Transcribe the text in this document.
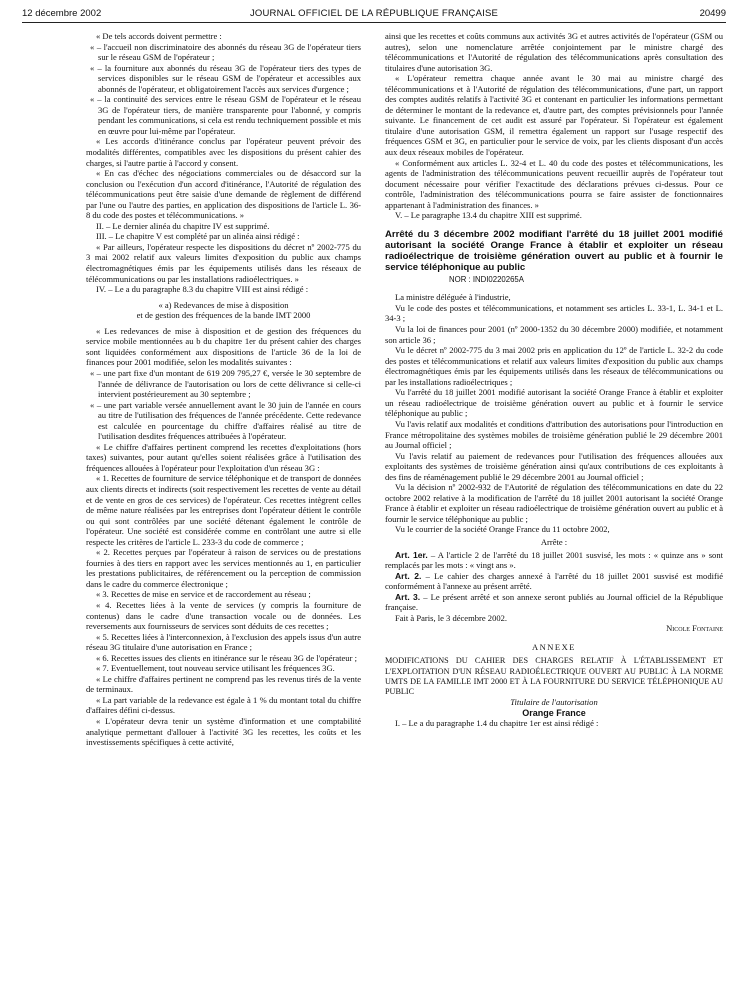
12 décembre 2002	JOURNAL OFFICIEL DE LA RÉPUBLIQUE FRANÇAISE	20499

« De tels accords doivent permettre :

« – l'accueil non discriminatoire des abonnés du réseau 3G de l'opérateur tiers sur le réseau GSM de l'opérateur ;

« – la fourniture aux abonnés du réseau 3G de l'opérateur tiers des types de services disponibles sur le réseau GSM de l'opérateur et accessibles aux abonnés de l'opérateur, et obligatoirement l'accès aux services d'urgence ;

« – la continuité des services entre le réseau GSM de l'opérateur et le réseau 3G de l'opérateur tiers, de manière transparente pour l'abonné, y compris pendant les communications, si cela est rendu techniquement possible et mis en œuvre pour lui-même par l'opérateur.

« Les accords d'itinérance conclus par l'opérateur peuvent prévoir des modalités différentes, compatibles avec les dispositions du présent cahier des charges, si l'autre partie à l'accord y consent.

« En cas d'échec des négociations commerciales ou de désaccord sur la conclusion ou l'exécution d'un accord d'itinérance, l'Autorité de régulation des télécommunications peut être saisie d'une demande de règlement de différend par l'une ou l'autre des parties, en application des dispositions de l'article L. 36-8 du code des postes et télécommunications. »

II. – Le dernier alinéa du chapitre IV est supprimé.

III. – Le chapitre V est complété par un alinéa ainsi rédigé :

« Par ailleurs, l'opérateur respecte les dispositions du décret nº 2002-775 du 3 mai 2002 relatif aux valeurs limites d'exposition du public aux champs électromagnétiques émis par les équipements utilisés dans les réseaux de télécommunications ou par les installations radioélectriques. »

IV. – Le a du paragraphe 8.3 du chapitre VIII est ainsi rédigé :

« a) Redevances de mise à disposition

et de gestion des fréquences de la bande IMT 2000

« Les redevances de mise à disposition et de gestion des fréquences du service mobile mentionnées au b du chapitre 1er du présent cahier des charges sont liquidées conformément aux dispositions de l'article 36 de la loi de finances pour 2001 modifiée, selon les modalités suivantes :

« – une part fixe d'un montant de 619 209 795,27 €, versée le 30 septembre de l'année de délivrance de l'autorisation ou lors de cette délivrance si celle-ci intervient postérieurement au 30 septembre ;

« – une part variable versée annuellement avant le 30 juin de l'année en cours au titre de l'utilisation des fréquences de l'année précédente. Cette redevance est calculée en pourcentage du chiffre d'affaires réalisé au titre de l'utilisation desdites fréquences attribuées à l'opérateur.

« Le chiffre d'affaires pertinent comprend les recettes d'exploitations (hors taxes) suivantes, pour autant qu'elles soient réalisées grâce à l'utilisation des fréquences allouées à l'opérateur pour l'exploitation d'un réseau 3G :

« 1. Recettes de fourniture de service téléphonique et de transport de données aux clients directs et indirects (soit respectivement les recettes de vente au détail et de vente en gros de ces services) de l'opérateur. Ces recettes intègrent celles de même nature réalisées par les entreprises dont l'opérateur détient le contrôle ou qui sont contrôlées par une société détenant également le contrôle de l'opérateur. Une société est considérée comme en contrôlant une autre si elle respecte les critères de l'article L. 233-3 du code de commerce ;

« 2. Recettes perçues par l'opérateur à raison de services ou de prestations fournies à des tiers en rapport avec les services mentionnés au 1, en particulier les prestations publicitaires, de référencement ou la perception de commission dans le cadre du commerce électronique ;

« 3. Recettes de mise en service et de raccordement au réseau ;

« 4. Recettes liées à la vente de services (y compris la fourniture de contenus) dans le cadre d'une transaction vocale ou de données. Les reversements aux fournisseurs de services sont déduits de ces recettes ;

« 5. Recettes liées à l'interconnexion, à l'exclusion des appels issus d'un autre réseau 3G titulaire d'une autorisation en France ;

« 6. Recettes issues des clients en itinérance sur le réseau 3G de l'opérateur ;

« 7. Eventuellement, tout nouveau service utilisant les fréquences 3G.

« Le chiffre d'affaires pertinent ne comprend pas les revenus tirés de la vente de terminaux.

« La part variable de la redevance est égale à 1 % du montant total du chiffre d'affaires défini ci-dessus.

« L'opérateur devra tenir un système d'information et une comptabilité analytique permettant d'allouer à l'activité 3G les recettes, les coûts et les investissements spécifiques à cette activité,

ainsi que les recettes et coûts communs aux activités 3G et autres activités de l'opérateur (GSM ou autres), selon une nomenclature arrêtée conjointement par le ministre chargé des télécommunications et l'Autorité de régulation des télécommunications après consultation des titulaires d'une autorisation 3G.

« L'opérateur remettra chaque année avant le 30 mai au ministre chargé des télécommunications et à l'Autorité de régulation des télécommunications, d'une part, un rapport des comptes audités relatifs à l'activité 3G et contenant en particulier les informations permettant de déterminer le montant de la redevance et, d'autre part, des comptes prévisionnels pour l'année suivante. Le financement de cet audit est assuré par l'opérateur. Si l'opérateur est également titulaire d'une autorisation GSM, il remettra également un rapport sur l'usage respectif des fréquences GSM et 3G, en particulier pour le service de voix, par les clients disposant d'un accès aux deux réseaux mobiles de l'opérateur.

« Conformément aux articles L. 32-4 et L. 40 du code des postes et télécommunications, les agents de l'administration des télécommunications peuvent recueillir auprès de l'opérateur tout document nécessaire pour vérifier l'exactitude des déclarations prévues ci-dessus. Pour ce contrôle, l'administration des télécommunications pourra se faire assister de fonctionnaires appartenant à l'administration des finances. »

V. – Le paragraphe 13.4 du chapitre XIII est supprimé.

Arrêté du 3 décembre 2002 modifiant l'arrêté du 18 juillet 2001 modifié autorisant la société Orange France à établir et exploiter un réseau radioélectrique de troisième génération ouvert au public et à fournir le service téléphonique au public

NOR : INDI0220265A

La ministre déléguée à l'industrie,

Vu le code des postes et télécommunications, et notamment ses articles L. 33-1, L. 34-1 et L. 34-3 ;

Vu la loi de finances pour 2001 (nº 2000-1352 du 30 décembre 2000) modifiée, et notamment son article 36 ;

Vu le décret nº 2002-775 du 3 mai 2002 pris en application du 12º de l'article L. 32-2 du code des postes et télécommunications et relatif aux valeurs limites d'exposition du public aux champs électromagnétiques émis par les équipements utilisés dans les réseaux de télécommunications ou par les installations radioélectriques ;

Vu l'arrêté du 18 juillet 2001 modifié autorisant la société Orange France à établir et exploiter un réseau radioélectrique de troisième génération ouvert au public et à fournir le service téléphonique au public ;

Vu l'avis relatif aux modalités et conditions d'attribution des autorisations pour l'introduction en France métropolitaine des systèmes mobiles de troisième génération publié le 29 décembre 2001 au Journal officiel ;

Vu l'avis relatif au paiement de redevances pour l'utilisation des fréquences allouées aux exploitants des systèmes de troisième génération ainsi qu'aux contributions de ces exploitants à des fins de réaménagement publié le 29 décembre 2001 au Journal officiel ;

Vu la décision nº 2002-932 de l'Autorité de régulation des télécommunications en date du 22 octobre 2002 relative à la modification de l'arrêté du 18 juillet 2001 autorisant la société Orange France à établir et exploiter un réseau radioélectrique de troisième génération ouvert au public et à fournir le service téléphonique au public ;

Vu le courrier de la société Orange France du 11 octobre 2002,

Arrête :

Art. 1er. – A l'article 2 de l'arrêté du 18 juillet 2001 susvisé, les mots : « quinze ans » sont remplacés par les mots : « vingt ans ».

Art. 2. – Le cahier des charges annexé à l'arrêté du 18 juillet 2001 susvisé est modifié conformément à l'annexe au présent arrêté.

Art. 3. – Le présent arrêté et son annexe seront publiés au Journal officiel de la République française.

Fait à Paris, le 3 décembre 2002.

Nicole Fontaine

ANNEXE

MODIFICATIONS DU CAHIER DES CHARGES RELATIF À L'ÉTABLISSEMENT ET L'EXPLOITATION D'UN RÉSEAU RADIOÉLECTRIQUE OUVERT AU PUBLIC À LA NORME UMTS DE LA FAMILLE IMT 2000 ET À LA FOURNITURE DU SERVICE TÉLÉPHONIQUE AU PUBLIC

Titulaire de l'autorisation

Orange France

I. – Le a du paragraphe 1.4 du chapitre 1er est ainsi rédigé :
